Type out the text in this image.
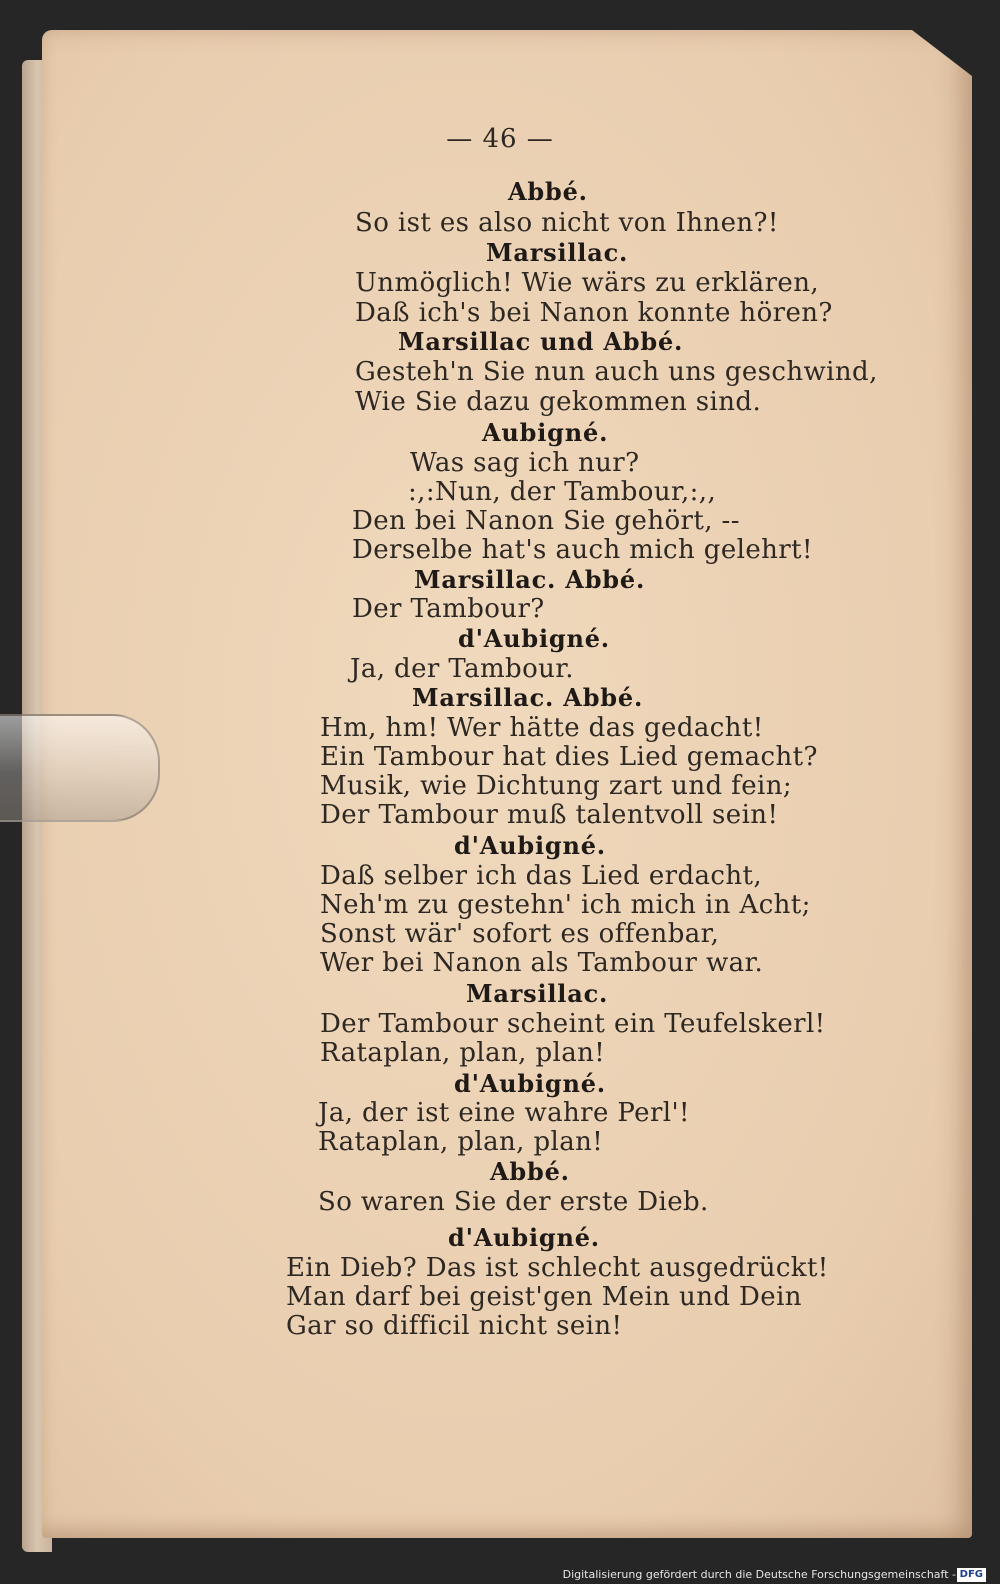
— 46 —
Abbé.
So ist es also nicht von Ihnen?!
Marsillac.
Unmöglich! Wie wärs zu erklären,
Daß ich's bei Nanon konnte hören?
Marsillac und Abbé.
Gesteh'n Sie nun auch uns geschwind,
Wie Sie dazu gekommen sind.
Aubigné.
Was sag ich nur?
:,:Nun, der Tambour,:,,
Den bei Nanon Sie gehört, --
Derselbe hat's auch mich gelehrt!
Marsillac. Abbé.
Der Tambour?
d'Aubigné.
Ja, der Tambour.
Marsillac. Abbé.
Hm, hm! Wer hätte das gedacht!
Ein Tambour hat dies Lied gemacht?
Musik, wie Dichtung zart und fein;
Der Tambour muß talentvoll sein!
d'Aubigné.
Daß selber ich das Lied erdacht,
Neh'm zu gestehn' ich mich in Acht;
Sonst wär' sofort es offenbar,
Wer bei Nanon als Tambour war.
Marsillac.
Der Tambour scheint ein Teufelskerl!
Rataplan, plan, plan!
d'Aubigné.
Ja, der ist eine wahre Perl'!
Rataplan, plan, plan!
Abbé.
So waren Sie der erste Dieb.
d'Aubigné.
Ein Dieb? Das ist schlecht ausgedrückt!
Man darf bei geist'gen Mein und Dein
Gar so difficil nicht sein!
Digitalisierung gefördert durch die Deutsche Forschungsgemeinschaft - DFG
